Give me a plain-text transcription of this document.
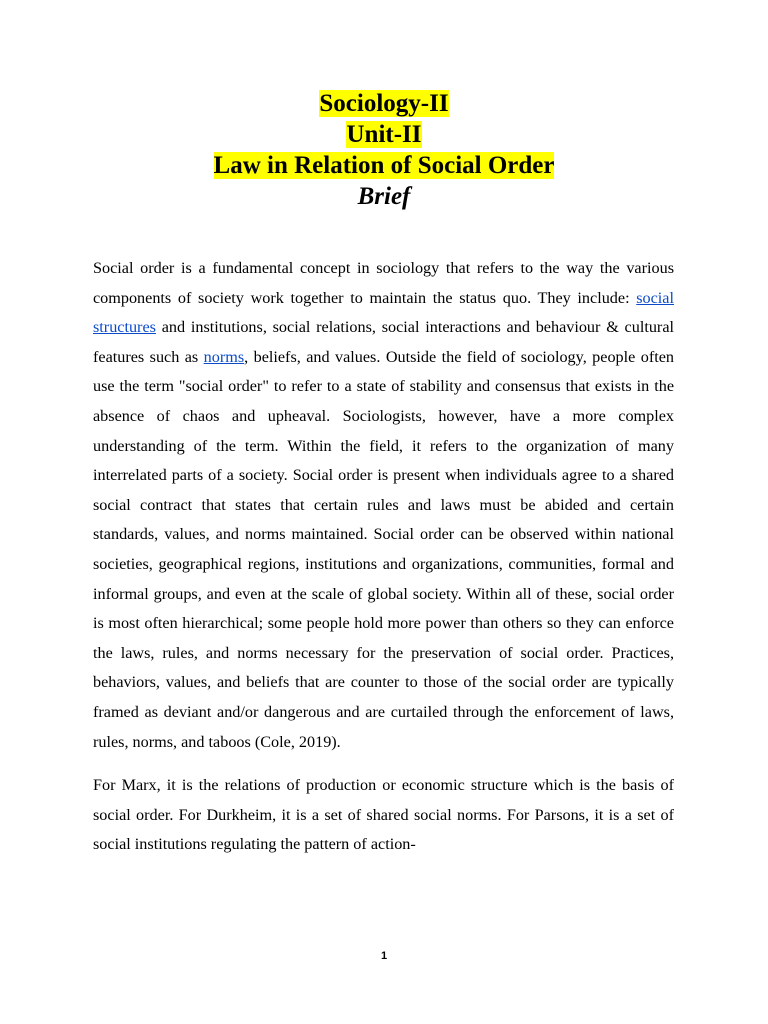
Sociology-II
Unit-II
Law in Relation of Social Order
Brief

Social order is a fundamental concept in sociology that refers to the way the various components of society work together to maintain the status quo. They include: social structures and institutions, social relations, social interactions and behaviour & cultural features such as norms, beliefs, and values. Outside the field of sociology, people often use the term "social order" to refer to a state of stability and consensus that exists in the absence of chaos and upheaval. Sociologists, however, have a more complex understanding of the term. Within the field, it refers to the organization of many interrelated parts of a society. Social order is present when individuals agree to a shared social contract that states that certain rules and laws must be abided and certain standards, values, and norms maintained. Social order can be observed within national societies, geographical regions, institutions and organizations, communities, formal and informal groups, and even at the scale of global society. Within all of these, social order is most often hierarchical; some people hold more power than others so they can enforce the laws, rules, and norms necessary for the preservation of social order. Practices, behaviors, values, and beliefs that are counter to those of the social order are typically framed as deviant and/or dangerous and are curtailed through the enforcement of laws, rules, norms, and taboos (Cole, 2019).

For Marx, it is the relations of production or economic structure which is the basis of social order. For Durkheim, it is a set of shared social norms. For Parsons, it is a set of social institutions regulating the pattern of action-

1
